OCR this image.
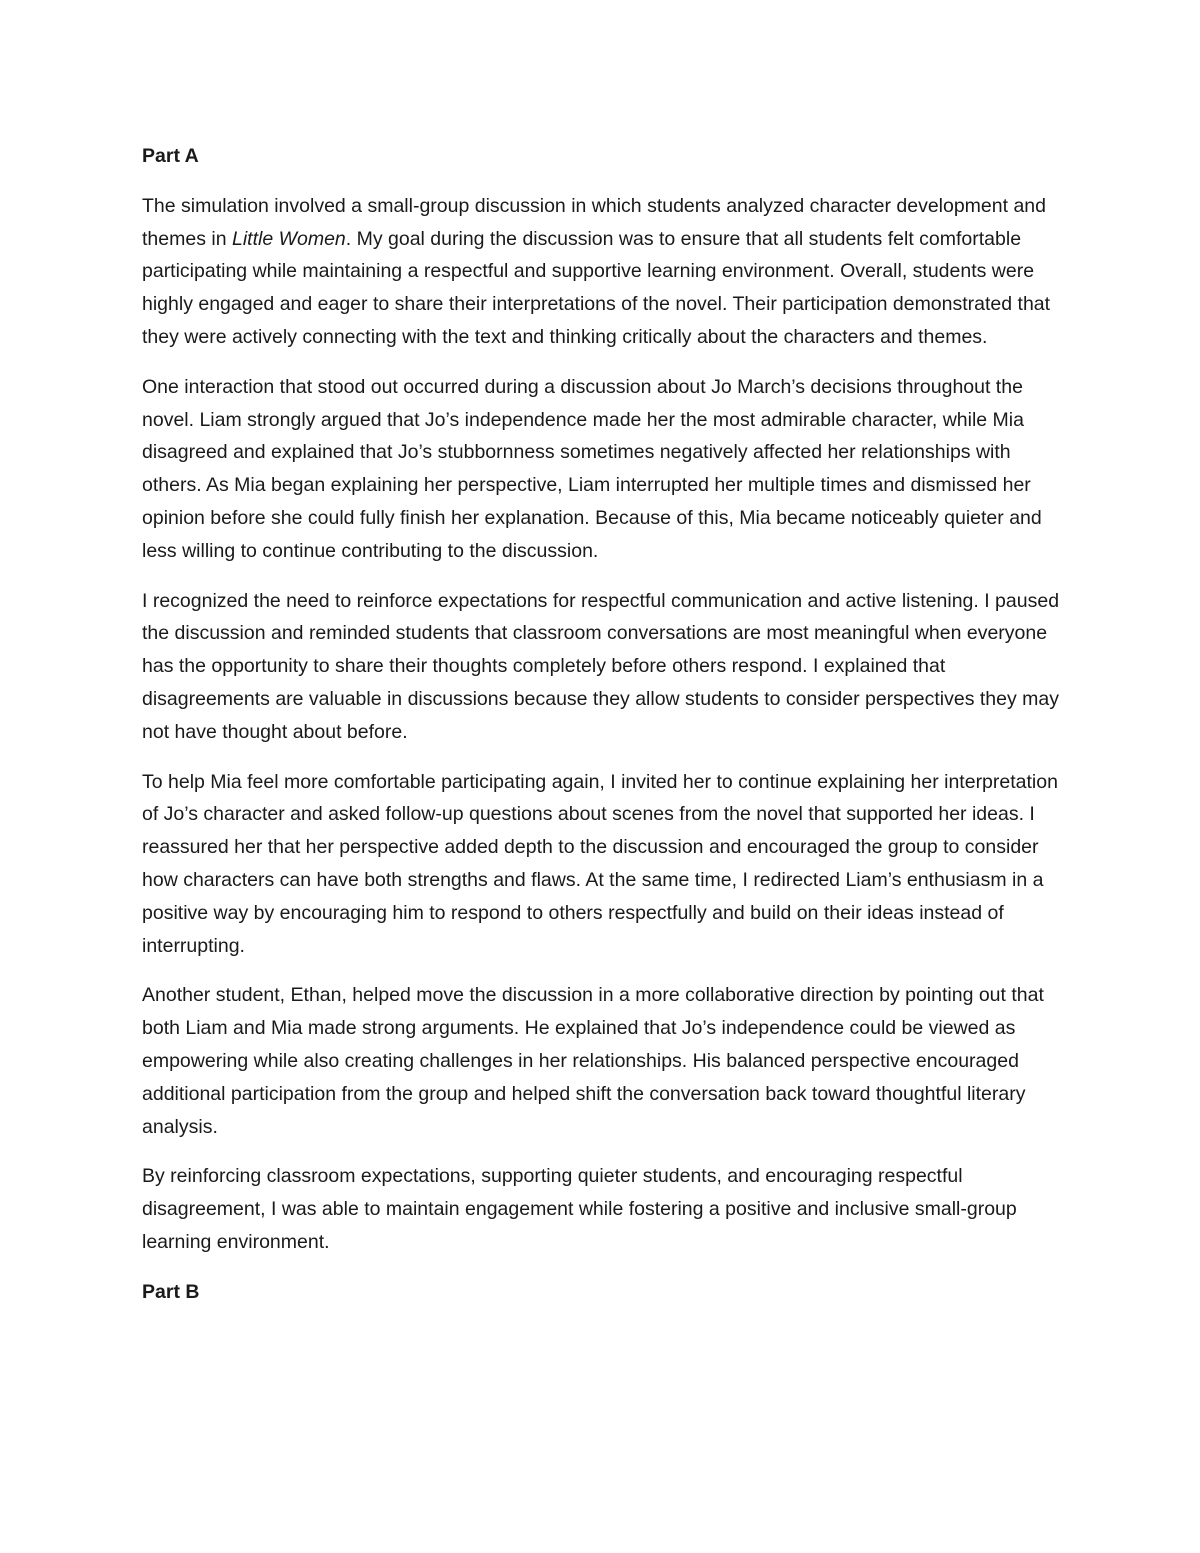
Part A
The simulation involved a small-group discussion in which students analyzed character development and themes in Little Women. My goal during the discussion was to ensure that all students felt comfortable participating while maintaining a respectful and supportive learning environment. Overall, students were highly engaged and eager to share their interpretations of the novel. Their participation demonstrated that they were actively connecting with the text and thinking critically about the characters and themes.
One interaction that stood out occurred during a discussion about Jo March’s decisions throughout the novel. Liam strongly argued that Jo’s independence made her the most admirable character, while Mia disagreed and explained that Jo’s stubbornness sometimes negatively affected her relationships with others. As Mia began explaining her perspective, Liam interrupted her multiple times and dismissed her opinion before she could fully finish her explanation. Because of this, Mia became noticeably quieter and less willing to continue contributing to the discussion.
I recognized the need to reinforce expectations for respectful communication and active listening. I paused the discussion and reminded students that classroom conversations are most meaningful when everyone has the opportunity to share their thoughts completely before others respond. I explained that disagreements are valuable in discussions because they allow students to consider perspectives they may not have thought about before.
To help Mia feel more comfortable participating again, I invited her to continue explaining her interpretation of Jo’s character and asked follow-up questions about scenes from the novel that supported her ideas. I reassured her that her perspective added depth to the discussion and encouraged the group to consider how characters can have both strengths and flaws. At the same time, I redirected Liam’s enthusiasm in a positive way by encouraging him to respond to others respectfully and build on their ideas instead of interrupting.
Another student, Ethan, helped move the discussion in a more collaborative direction by pointing out that both Liam and Mia made strong arguments. He explained that Jo’s independence could be viewed as empowering while also creating challenges in her relationships. His balanced perspective encouraged additional participation from the group and helped shift the conversation back toward thoughtful literary analysis.
By reinforcing classroom expectations, supporting quieter students, and encouraging respectful disagreement, I was able to maintain engagement while fostering a positive and inclusive small-group learning environment.
Part B
